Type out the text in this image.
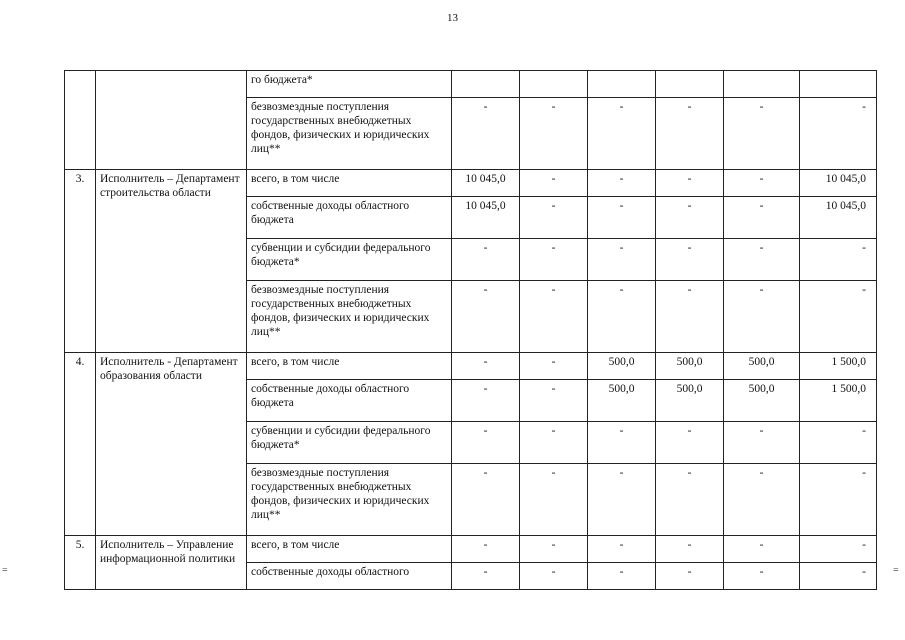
13
=	=
		го бюджета*						
		безвозмездные поступления государственных внебюджетных фондов, физических и юридических лиц**	-	-	-	-	-	-
3.	Исполнитель – Департамент строительства области	всего, в том числе	10 045,0	-	-	-	-	10 045,0
		собственные доходы областного бюджета	10 045,0	-	-	-	-	10 045,0
		субвенции и субсидии федерального бюджета*	-	-	-	-	-	-
		безвозмездные поступления государственных внебюджетных фондов, физических и юридических лиц**	-	-	-	-	-	-
4.	Исполнитель - Департамент образования области	всего, в том числе	-	-	500,0	500,0	500,0	1 500,0
		собственные доходы областного бюджета	-	-	500,0	500,0	500,0	1 500,0
		субвенции и субсидии федерального бюджета*	-	-	-	-	-	-
		безвозмездные поступления государственных внебюджетных фондов, физических и юридических лиц**	-	-	-	-	-	-
5.	Исполнитель – Управление информационной политики	всего, в том числе	-	-	-	-	-	-
		собственные доходы областного	-	-	-	-	-	-
